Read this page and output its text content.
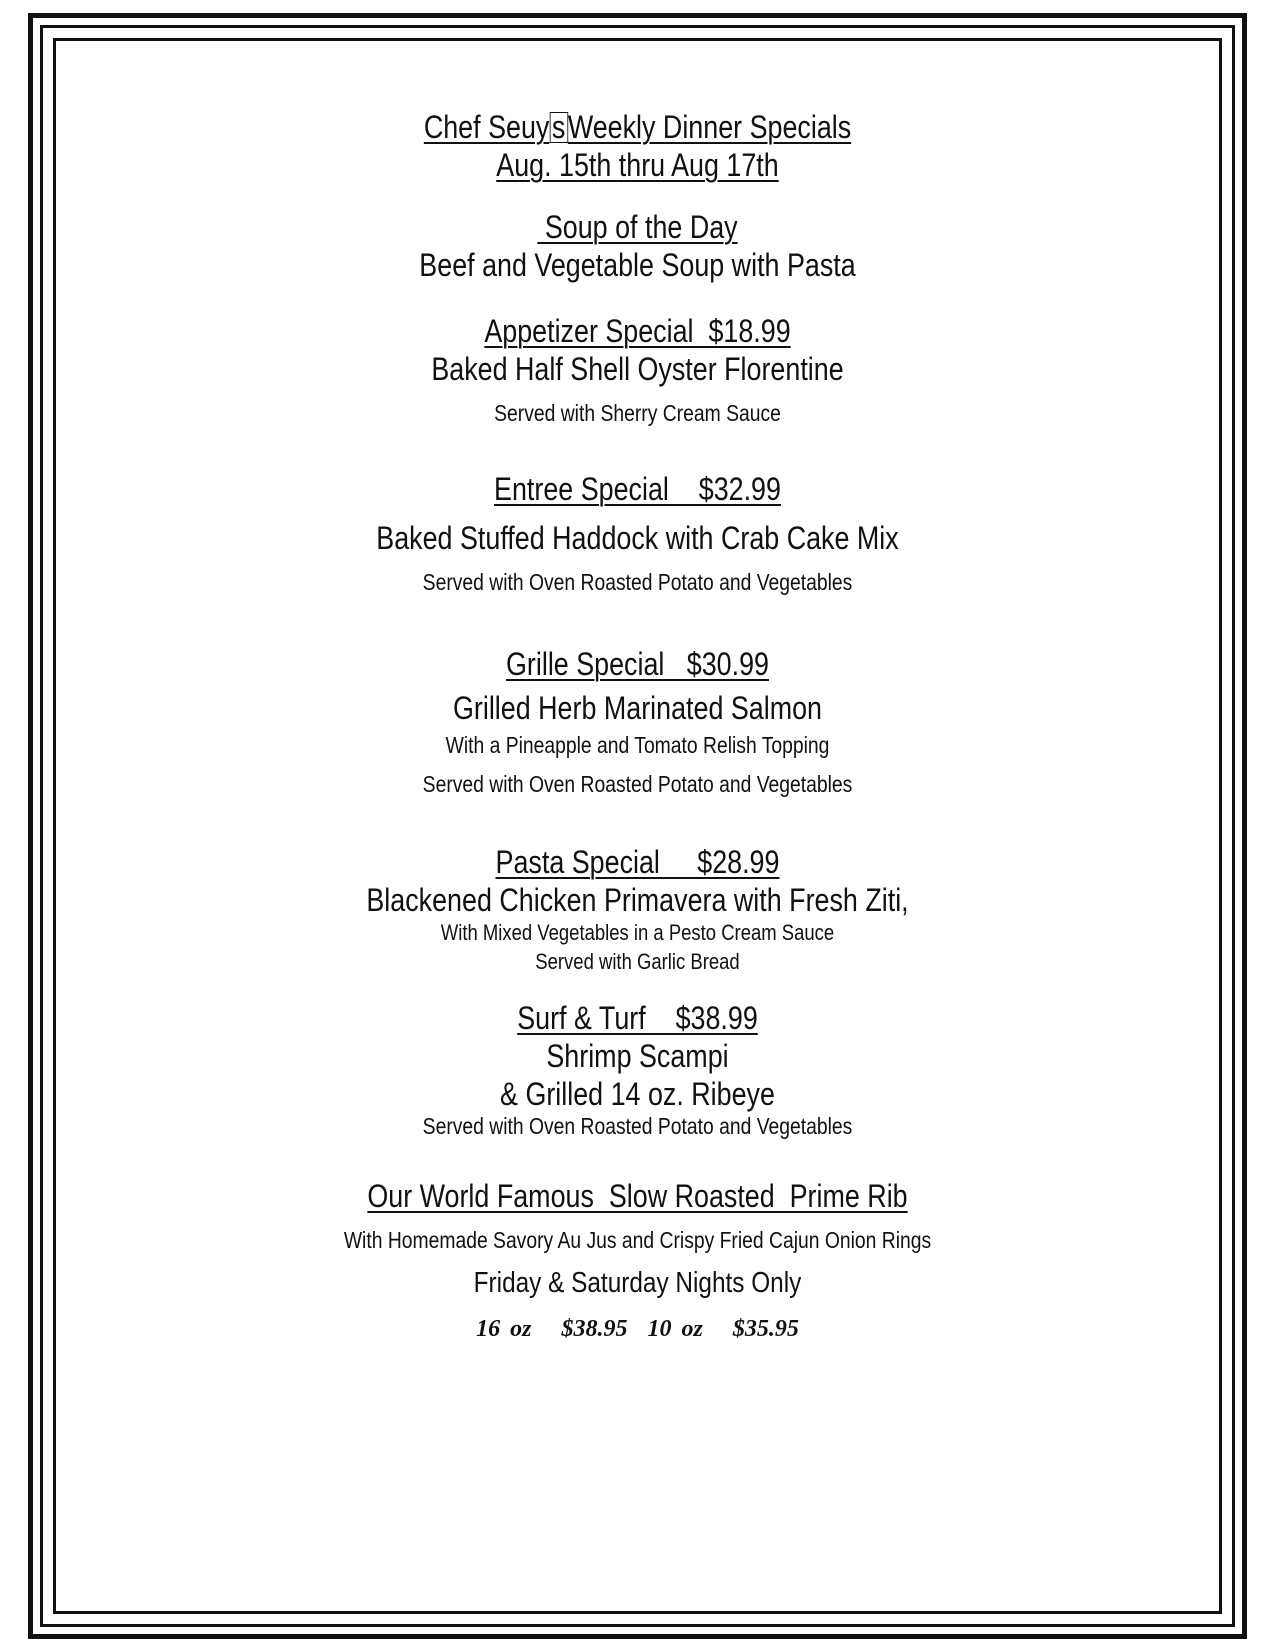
Chef SeuysWeekly Dinner Specials
Aug. 15th thru Aug 17th
Soup of the Day
Beef and Vegetable Soup with Pasta
Appetizer Special  $18.99
Baked Half Shell Oyster Florentine
Served with Sherry Cream Sauce
Entree Special    $32.99
Baked Stuffed Haddock with Crab Cake Mix
Served with Oven Roasted Potato and Vegetables
Grille Special   $30.99
Grilled Herb Marinated Salmon
With a Pineapple and Tomato Relish Topping
Served with Oven Roasted Potato and Vegetables
Pasta Special     $28.99
Blackened Chicken Primavera with Fresh Ziti,
With Mixed Vegetables in a Pesto Cream Sauce
Served with Garlic Bread
Surf & Turf    $38.99
Shrimp Scampi
& Grilled 14 oz. Ribeye
Served with Oven Roasted Potato and Vegetables
Our World Famous  Slow Roasted  Prime Rib
With Homemade Savory Au Jus and Crispy Fried Cajun Onion Rings
Friday & Saturday Nights Only
16 oz   $38.95  10 oz   $35.95
